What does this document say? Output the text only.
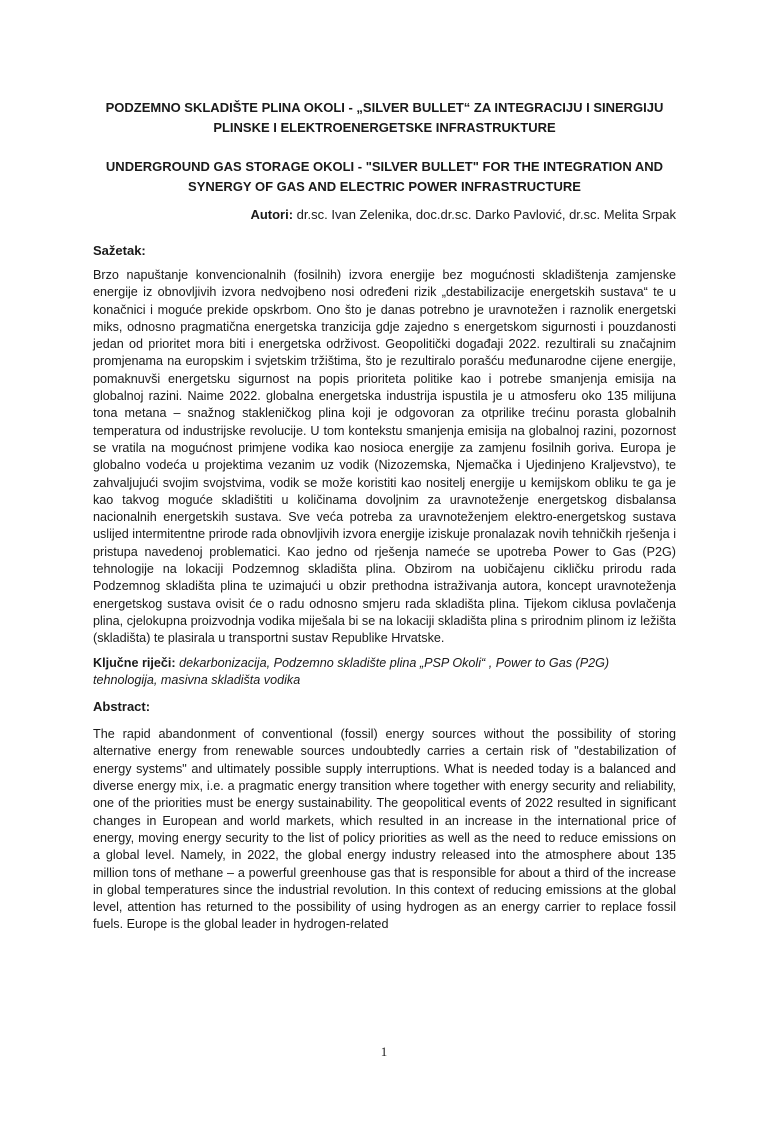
PODZEMNO SKLADIŠTE PLINA OKOLI - „SILVER BULLET“ ZA INTEGRACIJU I SINERGIJU PLINSKE I ELEKTROENERGETSKE INFRASTRUKTURE

UNDERGROUND GAS STORAGE OKOLI - "SILVER BULLET" FOR THE INTEGRATION AND SYNERGY OF GAS AND ELECTRIC POWER INFRASTRUCTURE

Autori: dr.sc. Ivan Zelenika, doc.dr.sc. Darko Pavlović, dr.sc. Melita Srpak

Sažetak:

Brzo napuštanje konvencionalnih (fosilnih) izvora energije bez mogućnosti skladištenja zamjenske energije iz obnovljivih izvora nedvojbeno nosi određeni rizik „destabilizacije energetskih sustava“ te u konačnici i moguće prekide opskrbom. Ono što je danas potrebno je uravnotežen i raznolik energetski miks, odnosno pragmatična energetska tranzicija gdje zajedno s energetskom sigurnosti i pouzdanosti jedan od prioritet mora biti i energetska održivost. Geopolitički događaji 2022. rezultirali su značajnim promjenama na europskim i svjetskim tržištima, što je rezultiralo porašću međunarodne cijene energije, pomaknuvši energetsku sigurnost na popis prioriteta politike kao i potrebe smanjenja emisija na globalnoj razini. Naime 2022. globalna energetska industrija ispustila je u atmosferu oko 135 milijuna tona metana – snažnog stakleničkog plina koji je odgovoran za otprilike trećinu porasta globalnih temperatura od industrijske revolucije. U tom kontekstu smanjenja emisija na globalnoj razini, pozornost se vratila na mogućnost primjene vodika kao nosioca energije za zamjenu fosilnih goriva. Europa je globalno vodeća u projektima vezanim uz vodik (Nizozemska, Njemačka i Ujedinjeno Kraljevstvo), te zahvaljujući svojim svojstvima, vodik se može koristiti kao nositelj energije u kemijskom obliku te ga je kao takvog moguće skladištiti u količinama dovoljnim za uravnoteženje energetskog disbalansa nacionalnih energetskih sustava. Sve veća potreba za uravnoteženjem elektro-energetskog sustava uslijed intermitentne prirode rada obnovljivih izvora energije iziskuje pronalazak novih tehničkih rješenja i pristupa navedenoj problematici. Kao jedno od rješenja nameće se upotreba Power to Gas (P2G) tehnologije na lokaciji Podzemnog skladišta plina. Obzirom na uobičajenu cikličku prirodu rada Podzemnog skladišta plina te uzimajući u obzir prethodna istraživanja autora, koncept uravnoteženja energetskog sustava ovisit će o radu odnosno smjeru rada skladišta plina. Tijekom ciklusa povlačenja plina, cjelokupna proizvodnja vodika miješala bi se na lokaciji skladišta plina s prirodnim plinom iz ležišta (skladišta) te plasirala u transportni sustav Republike Hrvatske.

Ključne riječi: dekarbonizacija, Podzemno skladište plina „PSP Okoli“ , Power to Gas (P2G) tehnologija, masivna skladišta vodika

Abstract:

The rapid abandonment of conventional (fossil) energy sources without the possibility of storing alternative energy from renewable sources undoubtedly carries a certain risk of "destabilization of energy systems" and ultimately possible supply interruptions. What is needed today is a balanced and diverse energy mix, i.e. a pragmatic energy transition where together with energy security and reliability, one of the priorities must be energy sustainability. The geopolitical events of 2022 resulted in significant changes in European and world markets, which resulted in an increase in the international price of energy, moving energy security to the list of policy priorities as well as the need to reduce emissions on a global level. Namely, in 2022, the global energy industry released into the atmosphere about 135 million tons of methane – a powerful greenhouse gas that is responsible for about a third of the increase in global temperatures since the industrial revolution. In this context of reducing emissions at the global level, attention has returned to the possibility of using hydrogen as an energy carrier to replace fossil fuels. Europe is the global leader in hydrogen-related

1
